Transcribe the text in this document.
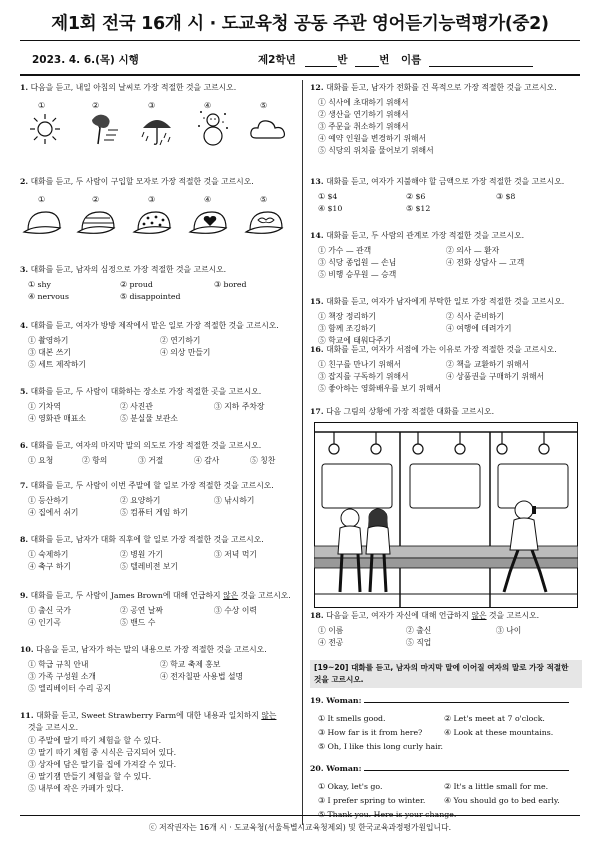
제1회 전국 16개 시 · 도교육청 공동 주관 영어듣기능력평가(중2)
2023. 4. 6.(목) 시행	제2학년	반	번 이름
1. 다음을 듣고, 내일 아침의 날씨로 가장 적절한 것을 고르시오.
①	②	③	④	⑤
2. 대화를 듣고, 두 사람이 구입할 모자로 가장 적절한 것을 고르시오.
①	②	③	④	⑤
3. 대화를 듣고, 남자의 심정으로 가장 적절한 것을 고르시오.
① shy	② proud	③ bored
④ nervous	⑤ disappointed
4. 대화를 듣고, 여자가 방방 제작에서 맡은 일로 가장 적절한 것을 고르시오.
① 촬영하기	② 연기하기
③ 대본 쓰기	④ 의상 만들기
⑤ 세트 제작하기
5. 대화를 듣고, 두 사람이 대화하는 장소로 가장 적절한 곳을 고르시오.
① 기차역	② 사진관	③ 지하 주차장
④ 영화관 매표소	⑤ 분실물 보관소
6. 대화를 듣고, 여자의 마지막 말의 의도로 가장 적절한 것을 고르시오.
① 요청	② 항의	③ 거절	④ 감사	⑤ 칭찬
7. 대화를 듣고, 두 사람이 이번 주말에 할 일로 가장 적절한 것을 고르시오.
① 등산하기	② 요양하기	③ 낚시하기
④ 집에서 쉬기	⑤ 컴퓨터 게임 하기
8. 대화를 듣고, 남자가 대화 직후에 할 일로 가장 적절한 것을 고르시오.
① 숙제하기	② 병원 가기	③ 저녁 먹기
④ 축구 하기	⑤ 텔레비전 보기
9. 대화를 듣고, 두 사람이 James Brown에 대해 언급하지 않은 것을 고르시오.
① 출신 국가	② 공연 날짜	③ 수상 이력
④ 인기곡	⑤ 밴드 수
10. 다음을 듣고, 남자가 하는 말의 내용으로 가장 적절한 것을 고르시오.
① 학급 규칙 안내	② 학교 축제 홍보
③ 가족 구성원 소개	④ 전자칠판 사용법 설명
⑤ 엘리베이터 수리 공지
11. 대화를 듣고, Sweet Strawberry Farm에 대한 내용과 일치하지 않는
것을 고르시오.
① 주말에 딸기 따기 체험을 할 수 있다.
② 딸기 따기 체험 중 시식은 금지되어 있다.
③ 상자에 담은 딸기를 집에 가져갈 수 있다.
④ 딸기잼 만들기 체험을 할 수 있다.
⑤ 내부에 작은 카페가 있다.
12. 대화를 듣고, 남자가 전화를 건 목적으로 가장 적절한 것을 고르시오.
① 식사에 초대하기 위해서
② 생산을 연기하기 위해서
③ 주문을 취소하기 위해서
④ 예약 인원을 변경하기 위해서
⑤ 식당의 위치를 물어보기 위해서
13. 대화를 듣고, 여자가 지불해야 할 금액으로 가장 적절한 것을 고르시오.
① $4	② $6	③ $8
④ $10	⑤ $12
14. 대화를 듣고, 두 사람의 관계로 가장 적절한 것을 고르시오.
① 가수 — 관객	② 의사 — 환자
③ 식당 종업원 — 손님	④ 전화 상담사 — 고객
⑤ 비행 승무원 — 승객
15. 대화를 듣고, 여자가 남자에게 부탁한 일로 가장 적절한 것을 고르시오.
① 책장 정리하기	② 식사 준비하기
③ 함께 조깅하기	④ 여행에 데려가기
⑤ 학교에 태워다주기
16. 대화를 듣고, 여자가 서점에 가는 이유로 가장 적절한 것을 고르시오.
① 친구를 만나기 위해서	② 책을 교환하기 위해서
③ 잡지를 구독하기 위해서	④ 상품권을 구매하기 위해서
⑤ 좋아하는 영화배우를 보기 위해서
17. 다음 그림의 상황에 가장 적절한 대화를 고르시오.
18. 다음을 듣고, 여자가 자신에 대해 언급하지 않은 것을 고르시오.
① 이름	② 출신	③ 나이
④ 전공	⑤ 직업
[19~20] 대화를 듣고, 남자의 마지막 말에 이어질 여자의 말로 가장 적절한 것을 고르시오.
19. Woman:
① It smells good.	② Let's meet at 7 o'clock.
③ How far is it from here?	④ Look at these mountains.
⑤ Oh, I like this long curly hair.
20. Woman:
① Okay, let's go.	② It's a little small for me.
③ I prefer spring to winter. ④ You should go to bed early.
⑤ Thank you. Here is your change.
ⓒ 저작권자는 16개 시 · 도교육청(서울특별시교육청제외) 및 한국교육과정평가원입니다.
